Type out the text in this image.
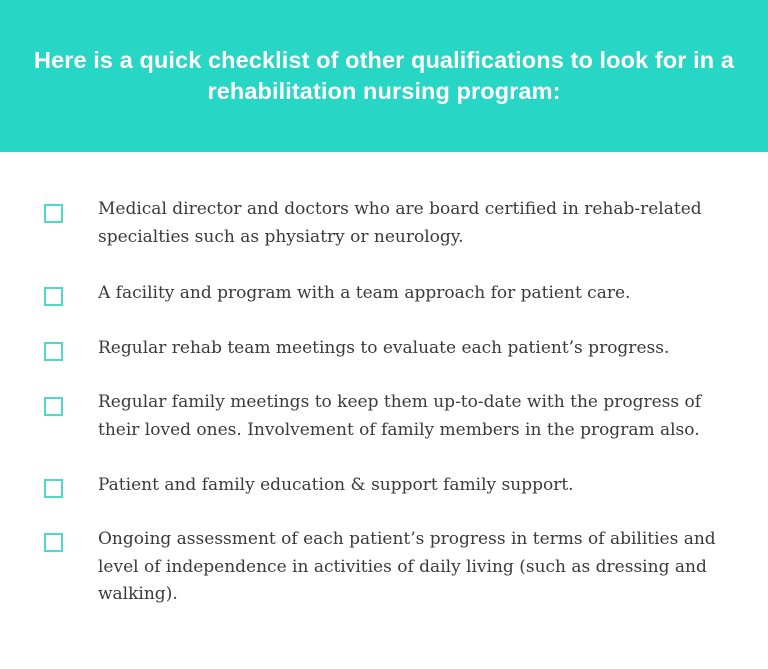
Here is a quick checklist of other qualifications to look for in a rehabilitation nursing program:

Medical director and doctors who are board certified in rehab-related specialties such as physiatry or neurology.

A facility and program with a team approach for patient care.

Regular rehab team meetings to evaluate each patient’s progress.

Regular family meetings to keep them up-to-date with the progress of their loved ones. Involvement of family members in the program also.

Patient and family education & support family support.

Ongoing assessment of each patient’s progress in terms of abilities and level of independence in activities of daily living (such as dressing and walking).
